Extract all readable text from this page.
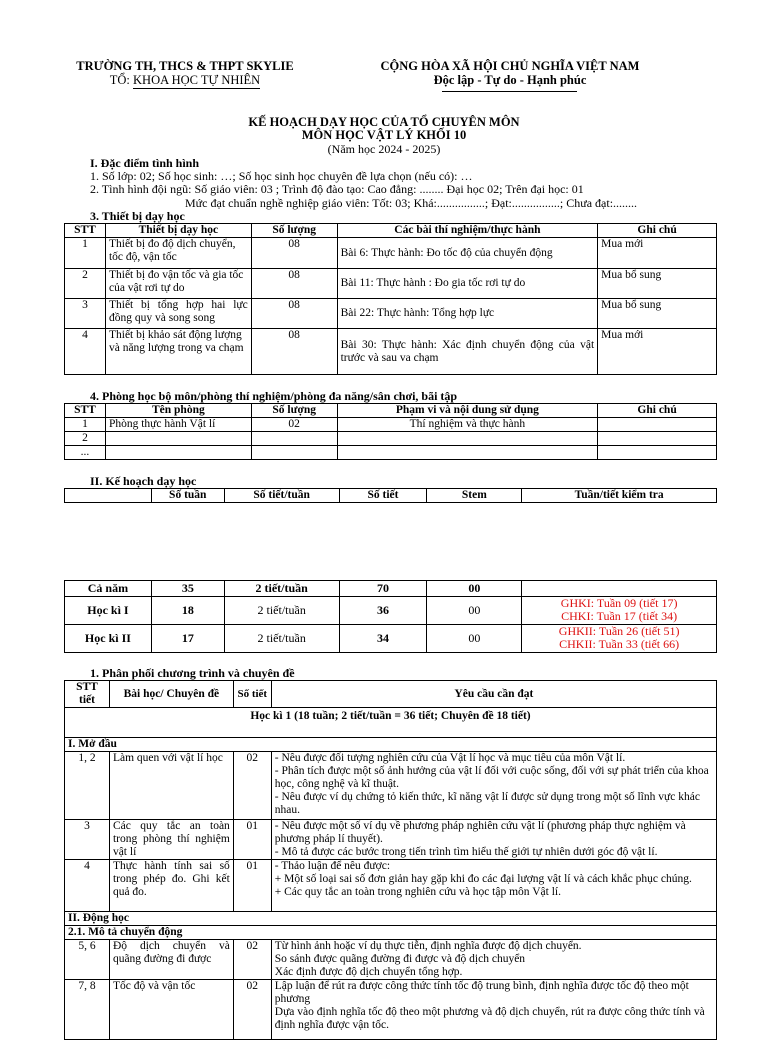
TRƯỜNG TH, THCS & THPT SKYLIE
TỔ: KHOA HỌC TỰ NHIÊN
CỘNG HÒA XÃ HỘI CHỦ NGHĨA VIỆT NAM
Độc lập - Tự do - Hạnh phúc
KẾ HOẠCH DẠY HỌC CỦA TỔ CHUYÊN MÔN
MÔN HỌC VẬT LÝ KHỐI 10
(Năm học 2024 - 2025)
I. Đặc điểm tình hình
1. Số lớp: 02; Số học sinh: …; Số học sinh học chuyên đề lựa chọn (nếu có): …
2. Tình hình đội ngũ: Số giáo viên: 03 ; Trình độ đào tạo: Cao đẳng: ........ Đại học 02; Trên đại học: 01
Mức đạt chuẩn nghề nghiệp giáo viên: Tốt: 03; Khá:................; Đạt:................; Chưa đạt:........
3. Thiết bị dạy học
STT	Thiết bị dạy học	Số lượng	Các bài thí nghiệm/thực hành	Ghi chú
1	Thiết bị đo độ dịch chuyển, tốc độ, vận tốc	08	Bài 6: Thực hành: Đo tốc độ của chuyển động	Mua mới
2	Thiết bị đo vận tốc và gia tốc của vật rơi tự do	08	Bài 11: Thực hành : Đo gia tốc rơi tự do	Mua bổ sung
3	Thiết bị tổng hợp hai lực đồng quy và song song	08	Bài 22: Thực hành: Tổng hợp lực	Mua bổ sung
4	Thiết bị khảo sát động lượng và năng lượng trong va chạm	08	Bài 30: Thực hành: Xác định chuyển động của vật trước và sau va chạm	Mua mới
4. Phòng học bộ môn/phòng thí nghiệm/phòng đa năng/sân chơi, bãi tập
STT	Tên phòng	Số lượng	Phạm vi và nội dung sử dụng	Ghi chú
1	Phòng thực hành Vật lí	02	Thí nghiệm và thực hành	
2				
...				
II. Kế hoạch dạy học
	Số tuần	Số tiết/tuần	Số tiết	Stem	Tuần/tiết kiểm tra
Cả năm	35	2 tiết/tuần	70	00	
Học kì I	18	2 tiết/tuần	36	00	GHKI: Tuần 09 (tiết 17)
CHKI: Tuần 17 (tiết 34)

Học kì II	17	2 tiết/tuần	34	00	GHKII: Tuần 26 (tiết 51)
CHKII: Tuần 33 (tiết 66)
1. Phân phối chương trình và chuyên đề
STT tiết	Bài học/ Chuyên đề	Số tiết	Yêu cầu cần đạt
Học kì 1 (18 tuần; 2 tiết/tuần = 36 tiết; Chuyên đề 18 tiết)			
I. Mở đầu			
1, 2	Làm quen với vật lí học	02	- Nêu được đối tượng nghiên cứu của Vật lí học và mục tiêu của môn Vật lí.
- Phân tích được một số ảnh hưởng của vật lí đối với cuộc sống, đối với sự phát triển của khoa học, công nghệ và kĩ thuật.
- Nêu được ví dụ chứng tỏ kiến thức, kĩ năng vật lí được sử dụng trong một số lĩnh vực khác nhau.

3	Các quy tắc an toàn trong phòng thí nghiệm vật lí	01	- Nêu được một số ví dụ về phương pháp nghiên cứu vật lí (phương pháp thực nghiệm và phương pháp lí thuyết).
- Mô tả được các bước trong tiến trình tìm hiểu thế giới tự nhiên dưới góc độ vật lí.

4	Thực hành tính sai số trong phép đo. Ghi kết quả đo.	01	- Thảo luận để nêu được:
+ Một số loại sai số đơn giản hay gặp khi đo các đại lượng vật lí và cách khắc phục chúng.
+ Các quy tắc an toàn trong nghiên cứu và học tập môn Vật lí.

II. Động học			
2.1. Mô tả chuyển động			
5, 6	Độ dịch chuyển và quãng đường đi được	02	Từ hình ảnh hoặc ví dụ thực tiễn, định nghĩa được độ dịch chuyển.
So sánh được quãng đường đi được và độ dịch chuyển
Xác định được độ dịch chuyển tổng hợp.

7, 8	Tốc độ và vận tốc	02	Lập luận để rút ra được công thức tính tốc độ trung bình, định nghĩa được tốc độ theo một phương
Dựa vào định nghĩa tốc độ theo một phương và độ dịch chuyển, rút ra được công thức tính và định nghĩa được vận tốc.
